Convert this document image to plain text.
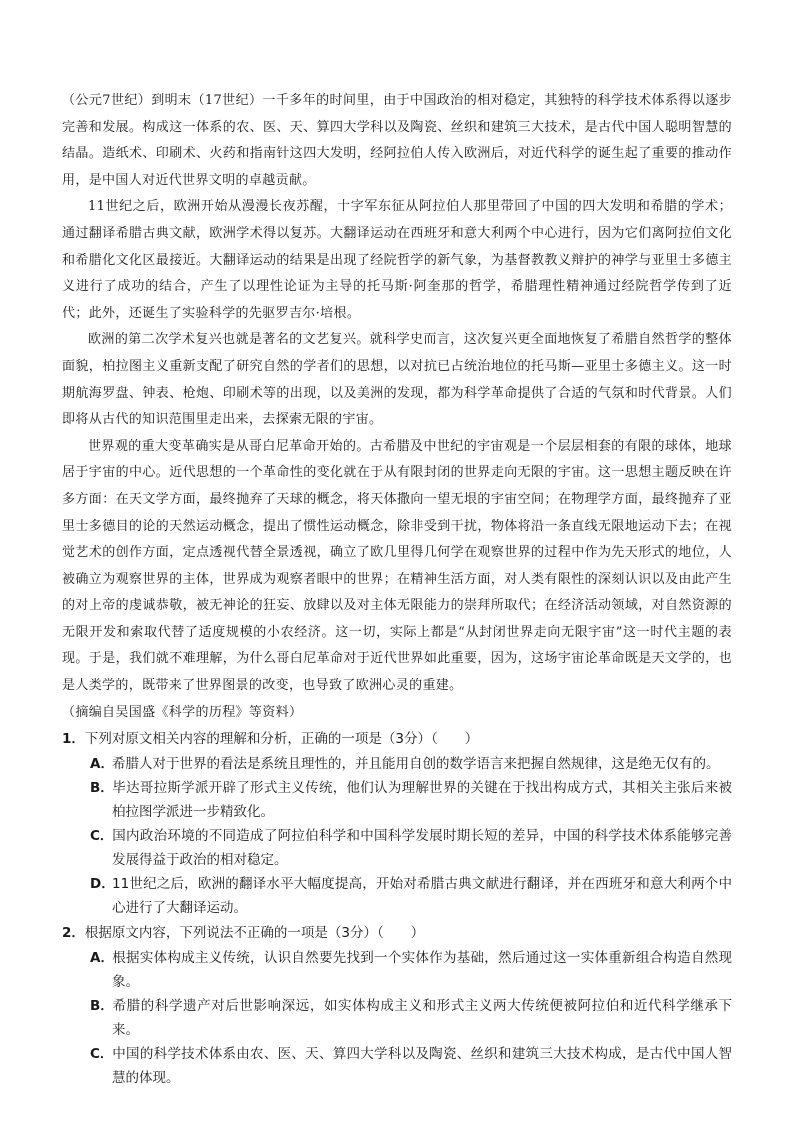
（公元7世纪）到明末（17世纪）一千多年的时间里，由于中国政治的相对稳定，其独特的科学技术体系得以逐步完善和发展。构成这一体系的农、医、天、算四大学科以及陶瓷、丝织和建筑三大技术，是古代中国人聪明智慧的结晶。造纸术、印刷术、火药和指南针这四大发明，经阿拉伯人传入欧洲后，对近代科学的诞生起了重要的推动作用，是中国人对近代世界文明的卓越贡献。

11世纪之后，欧洲开始从漫漫长夜苏醒，十字军东征从阿拉伯人那里带回了中国的四大发明和希腊的学术；通过翻译希腊古典文献，欧洲学术得以复苏。大翻译运动在西班牙和意大利两个中心进行，因为它们离阿拉伯文化和希腊化文化区最接近。大翻译运动的结果是出现了经院哲学的新气象，为基督教教义辩护的神学与亚里士多德主义进行了成功的结合，产生了以理性论证为主导的托马斯·阿奎那的哲学，希腊理性精神通过经院哲学传到了近代；此外，还诞生了实验科学的先驱罗吉尔·培根。

欧洲的第二次学术复兴也就是著名的文艺复兴。就科学史而言，这次复兴更全面地恢复了希腊自然哲学的整体面貌，柏拉图主义重新支配了研究自然的学者们的思想，以对抗已占统治地位的托马斯—亚里士多德主义。这一时期航海罗盘、钟表、枪炮、印刷术等的出现，以及美洲的发现，都为科学革命提供了合适的气氛和时代背景。人们即将从古代的知识范围里走出来，去探索无限的宇宙。

世界观的重大变革确实是从哥白尼革命开始的。古希腊及中世纪的宇宙观是一个层层相套的有限的球体，地球居于宇宙的中心。近代思想的一个革命性的变化就在于从有限封闭的世界走向无限的宇宙。这一思想主题反映在许多方面：在天文学方面，最终抛弃了天球的概念，将天体撒向一望无垠的宇宙空间；在物理学方面，最终抛弃了亚里士多德目的论的天然运动概念，提出了惯性运动概念，除非受到干扰，物体将沿一条直线无限地运动下去；在视觉艺术的创作方面，定点透视代替全景透视，确立了欧几里得几何学在观察世界的过程中作为先天形式的地位，人被确立为观察世界的主体，世界成为观察者眼中的世界；在精神生活方面，对人类有限性的深刻认识以及由此产生的对上帝的虔诚恭敬，被无神论的狂妄、放肆以及对主体无限能力的崇拜所取代；在经济活动领域，对自然资源的无限开发和索取代替了适度规模的小农经济。这一切，实际上都是“从封闭世界走向无限宇宙”这一时代主题的表现。于是，我们就不难理解，为什么哥白尼革命对于近代世界如此重要，因为，这场宇宙论革命既是天文学的，也是人类学的，既带来了世界图景的改变，也导致了欧洲心灵的重建。

（摘编自吴国盛《科学的历程》等资料）

1．下列对原文相关内容的理解和分析，正确的一项是（3分）（　　）

A．希腊人对于世界的看法是系统且理性的，并且能用自创的数学语言来把握自然规律，这是绝无仅有的。

B．毕达哥拉斯学派开辟了形式主义传统，他们认为理解世界的关键在于找出构成方式，其相关主张后来被柏拉图学派进一步精致化。

C．国内政治环境的不同造成了阿拉伯科学和中国科学发展时期长短的差异，中国的科学技术体系能够完善发展得益于政治的相对稳定。

D．11世纪之后，欧洲的翻译水平大幅度提高，开始对希腊古典文献进行翻译，并在西班牙和意大利两个中心进行了大翻译运动。

2．根据原文内容，下列说法不正确的一项是（3分）（　　）

A．根据实体构成主义传统，认识自然要先找到一个实体作为基础，然后通过这一实体重新组合构造自然现象。

B．希腊的科学遗产对后世影响深远，如实体构成主义和形式主义两大传统便被阿拉伯和近代科学继承下来。

C．中国的科学技术体系由农、医、天、算四大学科以及陶瓷、丝织和建筑三大技术构成，是古代中国人智慧的体现。
